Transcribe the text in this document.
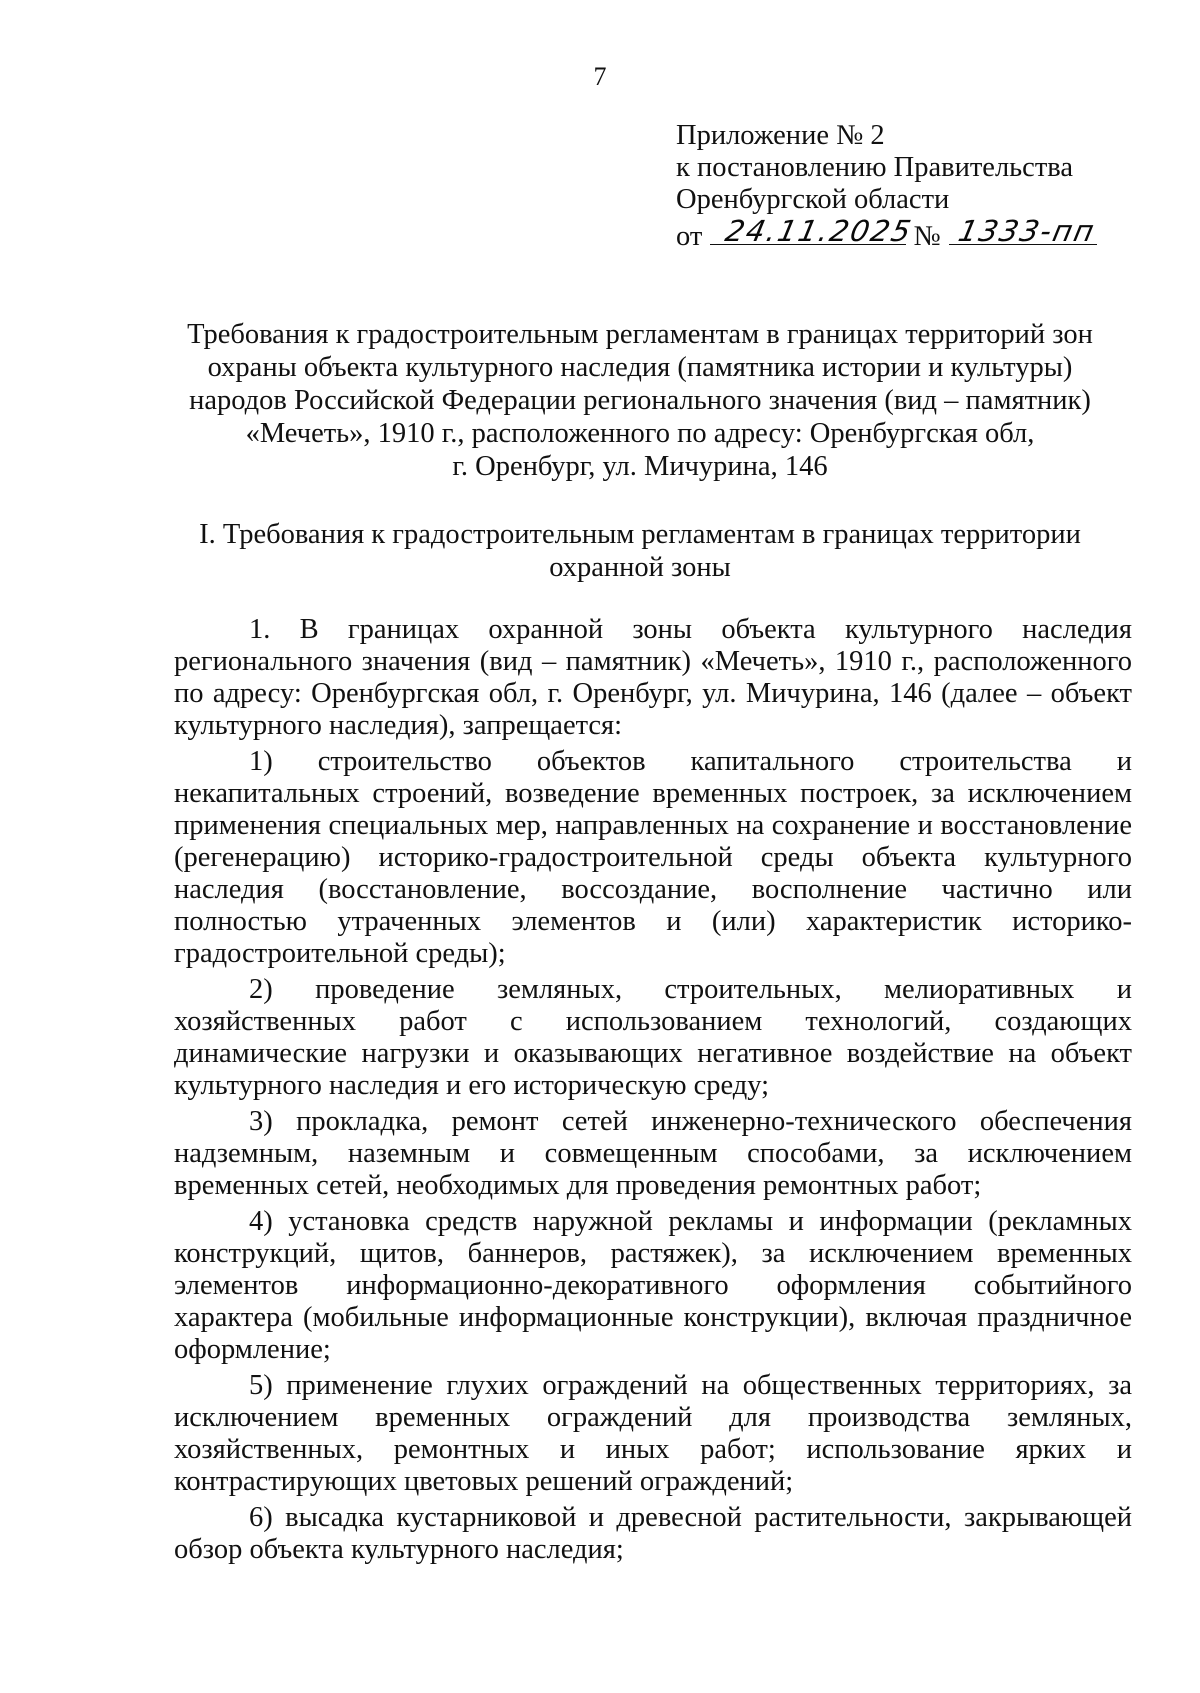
7
Приложение № 2
к постановлению Правительства
Оренбургской области
от 24.11.2025
№ 1333-пп
Требования к градостроительным регламентам в границах территорий зон
охраны объекта культурного наследия (памятника истории и культуры)
народов Российской Федерации регионального значения (вид – памятник)
«Мечеть», 1910 г., расположенного по адресу: Оренбургская обл,
г. Оренбург, ул. Мичурина, 146
I. Требования к градостроительным регламентам в границах территории
охранной зоны

1. В границах охранной зоны объекта культурного наследия регионального значения (вид – памятник) «Мечеть», 1910 г., расположенного по адресу: Оренбургская обл, г. Оренбург, ул. Мичурина, 146 (далее – объект культурного наследия), запрещается:

1) строительство объектов капитального строительства и некапитальных строений, возведение временных построек, за исключением применения специальных мер, направленных на сохранение и восстановление (регенерацию) историко-градостроительной среды объекта культурного наследия (восстановление, воссоздание, восполнение частично или полностью утраченных элементов и (или) характеристик историко-градостроительной среды);

2) проведение земляных, строительных, мелиоративных и хозяйственных работ с использованием технологий, создающих динамические нагрузки и оказывающих негативное воздействие на объект культурного наследия и его историческую среду;

3) прокладка, ремонт сетей инженерно-технического обеспечения надземным, наземным и совмещенным способами, за исключением временных сетей, необходимых для проведения ремонтных работ;

4) установка средств наружной рекламы и информации (рекламных конструкций, щитов, баннеров, растяжек), за исключением временных элементов информационно-декоративного оформления событийного характера (мобильные информационные конструкции), включая праздничное оформление;

5) применение глухих ограждений на общественных территориях, за исключением временных ограждений для производства земляных, хозяйственных, ремонтных и иных работ; использование ярких и контрастирующих цветовых решений ограждений;

6) высадка кустарниковой и древесной растительности, закрывающей обзор объекта культурного наследия;
